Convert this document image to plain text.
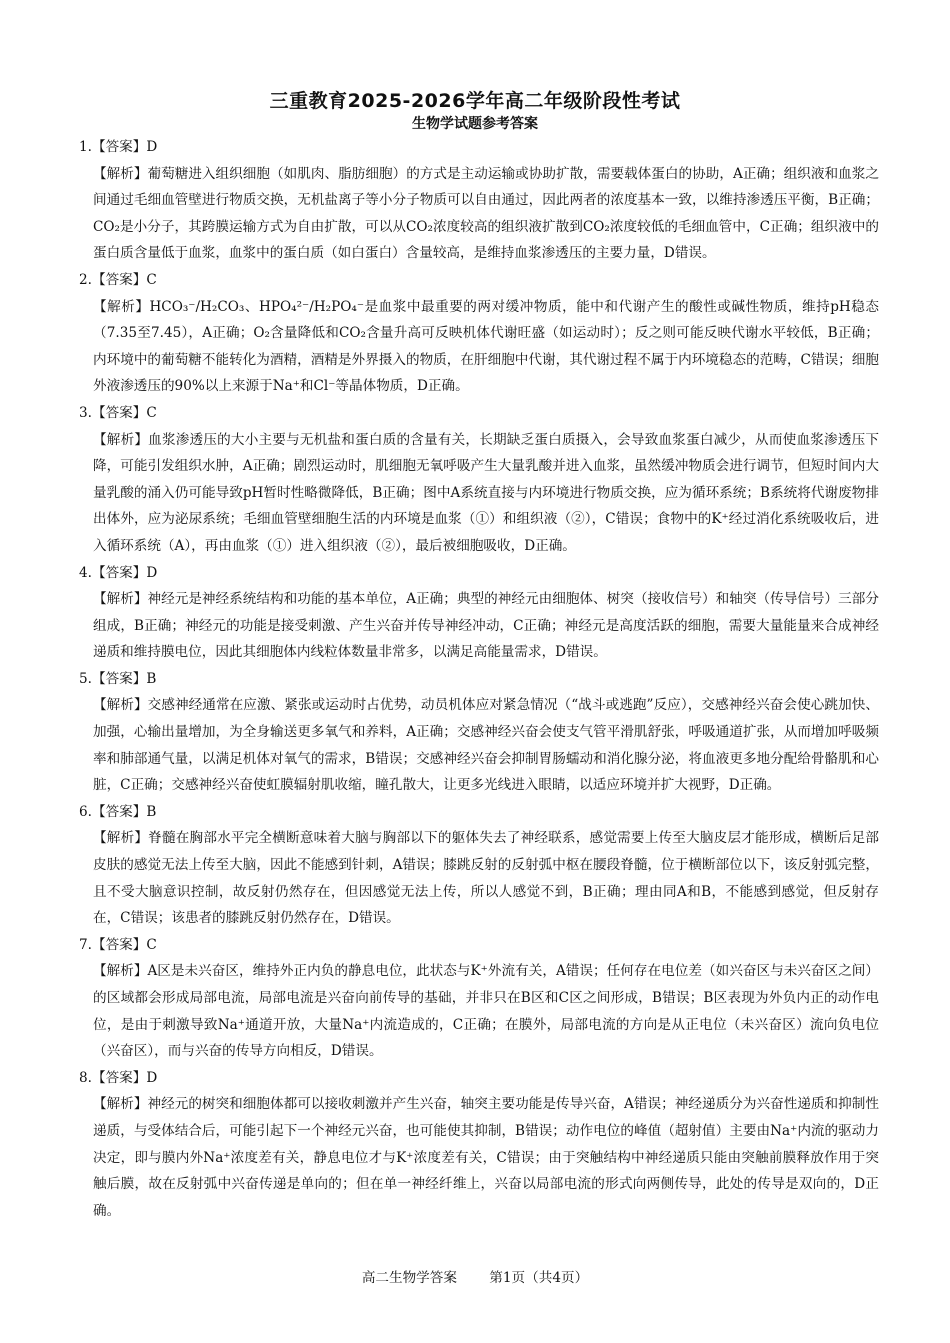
三重教育2025-2026学年高二年级阶段性考试
生物学试题参考答案

1.【答案】D

【解析】葡萄糖进入组织细胞（如肌肉、脂肪细胞）的方式是主动运输或协助扩散，需要载体蛋白的协助，A正确；组织液和血浆之间通过毛细血管壁进行物质交换，无机盐离子等小分子物质可以自由通过，因此两者的浓度基本一致，以维持渗透压平衡，B正确；CO₂是小分子，其跨膜运输方式为自由扩散，可以从CO₂浓度较高的组织液扩散到CO₂浓度较低的毛细血管中，C正确；组织液中的蛋白质含量低于血浆，血浆中的蛋白质（如白蛋白）含量较高，是维持血浆渗透压的主要力量，D错误。

2.【答案】C

【解析】HCO₃⁻/H₂CO₃、HPO₄²⁻/H₂PO₄⁻是血浆中最重要的两对缓冲物质，能中和代谢产生的酸性或碱性物质，维持pH稳态（7.35至7.45），A正确；O₂含量降低和CO₂含量升高可反映机体代谢旺盛（如运动时）；反之则可能反映代谢水平较低，B正确；内环境中的葡萄糖不能转化为酒精，酒精是外界摄入的物质，在肝细胞中代谢，其代谢过程不属于内环境稳态的范畴，C错误；细胞外液渗透压的90%以上来源于Na⁺和Cl⁻等晶体物质，D正确。

3.【答案】C

【解析】血浆渗透压的大小主要与无机盐和蛋白质的含量有关，长期缺乏蛋白质摄入，会导致血浆蛋白减少，从而使血浆渗透压下降，可能引发组织水肿，A正确；剧烈运动时，肌细胞无氧呼吸产生大量乳酸并进入血浆，虽然缓冲物质会进行调节，但短时间内大量乳酸的涌入仍可能导致pH暂时性略微降低，B正确；图中A系统直接与内环境进行物质交换，应为循环系统；B系统将代谢废物排出体外，应为泌尿系统；毛细血管壁细胞生活的内环境是血浆（①）和组织液（②），C错误；食物中的K⁺经过消化系统吸收后，进入循环系统（A），再由血浆（①）进入组织液（②），最后被细胞吸收，D正确。

4.【答案】D

【解析】神经元是神经系统结构和功能的基本单位，A正确；典型的神经元由细胞体、树突（接收信号）和轴突（传导信号）三部分组成，B正确；神经元的功能是接受刺激、产生兴奋并传导神经冲动，C正确；神经元是高度活跃的细胞，需要大量能量来合成神经递质和维持膜电位，因此其细胞体内线粒体数量非常多，以满足高能量需求，D错误。

5.【答案】B

【解析】交感神经通常在应激、紧张或运动时占优势，动员机体应对紧急情况（“战斗或逃跑”反应），交感神经兴奋会使心跳加快、加强，心输出量增加，为全身输送更多氧气和养料，A正确；交感神经兴奋会使支气管平滑肌舒张，呼吸通道扩张，从而增加呼吸频率和肺部通气量，以满足机体对氧气的需求，B错误；交感神经兴奋会抑制胃肠蠕动和消化腺分泌，将血液更多地分配给骨骼肌和心脏，C正确；交感神经兴奋使虹膜辐射肌收缩，瞳孔散大，让更多光线进入眼睛，以适应环境并扩大视野，D正确。

6.【答案】B

【解析】脊髓在胸部水平完全横断意味着大脑与胸部以下的躯体失去了神经联系，感觉需要上传至大脑皮层才能形成，横断后足部皮肤的感觉无法上传至大脑，因此不能感到针刺，A错误；膝跳反射的反射弧中枢在腰段脊髓，位于横断部位以下，该反射弧完整，且不受大脑意识控制，故反射仍然存在，但因感觉无法上传，所以人感觉不到，B正确；理由同A和B，不能感到感觉，但反射存在，C错误；该患者的膝跳反射仍然存在，D错误。

7.【答案】C

【解析】A区是未兴奋区，维持外正内负的静息电位，此状态与K⁺外流有关，A错误；任何存在电位差（如兴奋区与未兴奋区之间）的区域都会形成局部电流，局部电流是兴奋向前传导的基础，并非只在B区和C区之间形成，B错误；B区表现为外负内正的动作电位，是由于刺激导致Na⁺通道开放，大量Na⁺内流造成的，C正确；在膜外，局部电流的方向是从正电位（未兴奋区）流向负电位（兴奋区），而与兴奋的传导方向相反，D错误。

8.【答案】D

【解析】神经元的树突和细胞体都可以接收刺激并产生兴奋，轴突主要功能是传导兴奋，A错误；神经递质分为兴奋性递质和抑制性递质，与受体结合后，可能引起下一个神经元兴奋，也可能使其抑制，B错误；动作电位的峰值（超射值）主要由Na⁺内流的驱动力决定，即与膜内外Na⁺浓度差有关，静息电位才与K⁺浓度差有关，C错误；由于突触结构中神经递质只能由突触前膜释放作用于突触后膜，故在反射弧中兴奋传递是单向的；但在单一神经纤维上，兴奋以局部电流的形式向两侧传导，此处的传导是双向的，D正确。

高二生物学答案 第1页（共4页）
